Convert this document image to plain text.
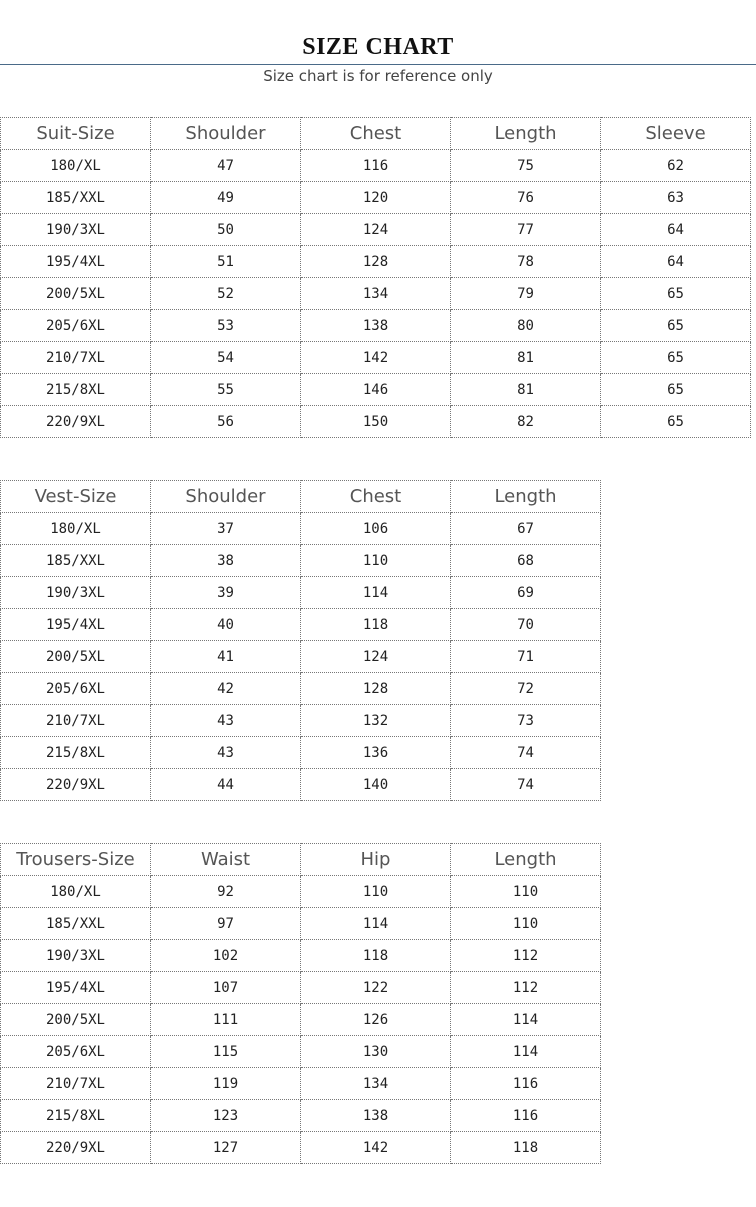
SIZE CHART
Size chart is for reference only
Suit-Size	Shoulder	Chest	Length	Sleeve
180/XL	47	116	75	62
185/XXL	49	120	76	63
190/3XL	50	124	77	64
195/4XL	51	128	78	64
200/5XL	52	134	79	65
205/6XL	53	138	80	65
210/7XL	54	142	81	65
215/8XL	55	146	81	65
220/9XL	56	150	82	65
Vest-Size	Shoulder	Chest	Length
180/XL	37	106	67
185/XXL	38	110	68
190/3XL	39	114	69
195/4XL	40	118	70
200/5XL	41	124	71
205/6XL	42	128	72
210/7XL	43	132	73
215/8XL	43	136	74
220/9XL	44	140	74
Trousers-Size	Waist	Hip	Length
180/XL	92	110	110
185/XXL	97	114	110
190/3XL	102	118	112
195/4XL	107	122	112
200/5XL	111	126	114
205/6XL	115	130	114
210/7XL	119	134	116
215/8XL	123	138	116
220/9XL	127	142	118
